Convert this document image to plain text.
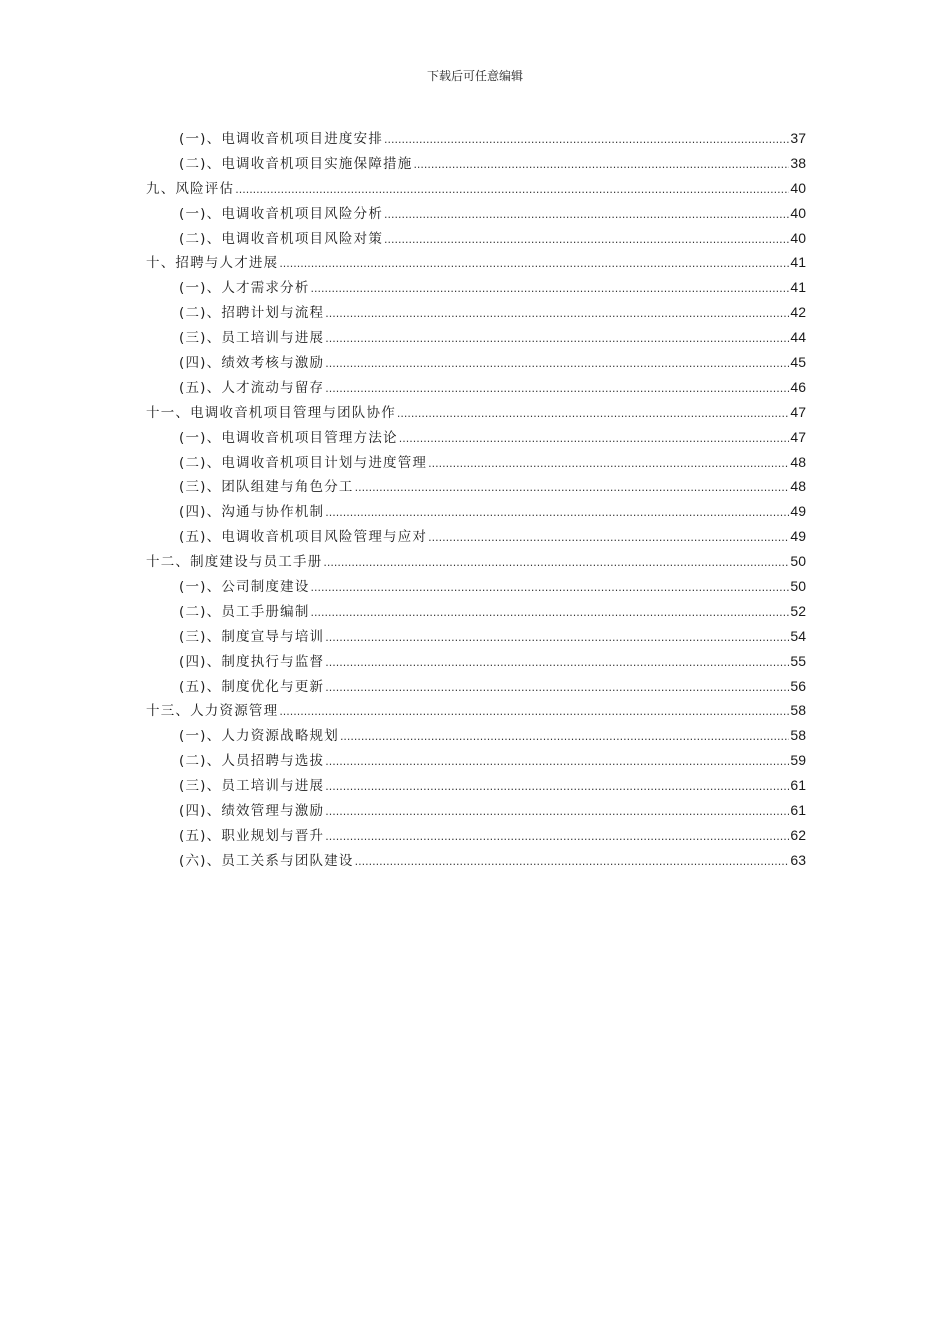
下载后可任意编辑
(一)、电调收音机项目进度安排 .....	37
(二)、电调收音机项目实施保障措施 .....	38
九、风险评估 .....	40
(一)、电调收音机项目风险分析 .....	40
(二)、电调收音机项目风险对策 .....	40
十、招聘与人才进展 .....	41
(一)、人才需求分析 .....	41
(二)、招聘计划与流程 .....	42
(三)、员工培训与进展 .....	44
(四)、绩效考核与激励 .....	45
(五)、人才流动与留存 .....	46
十一、电调收音机项目管理与团队协作 .....	47
(一)、电调收音机项目管理方法论 .....	47
(二)、电调收音机项目计划与进度管理 .....	48
(三)、团队组建与角色分工 .....	48
(四)、沟通与协作机制 .....	49
(五)、电调收音机项目风险管理与应对 .....	49
十二、制度建设与员工手册 .....	50
(一)、公司制度建设 .....	50
(二)、员工手册编制 .....	52
(三)、制度宣导与培训 .....	54
(四)、制度执行与监督 .....	55
(五)、制度优化与更新 .....	56
十三、人力资源管理 .....	58
(一)、人力资源战略规划 .....	58
(二)、人员招聘与选拔 .....	59
(三)、员工培训与进展 .....	61
(四)、绩效管理与激励 .....	61
(五)、职业规划与晋升 .....	62
(六)、员工关系与团队建设 .....	63
